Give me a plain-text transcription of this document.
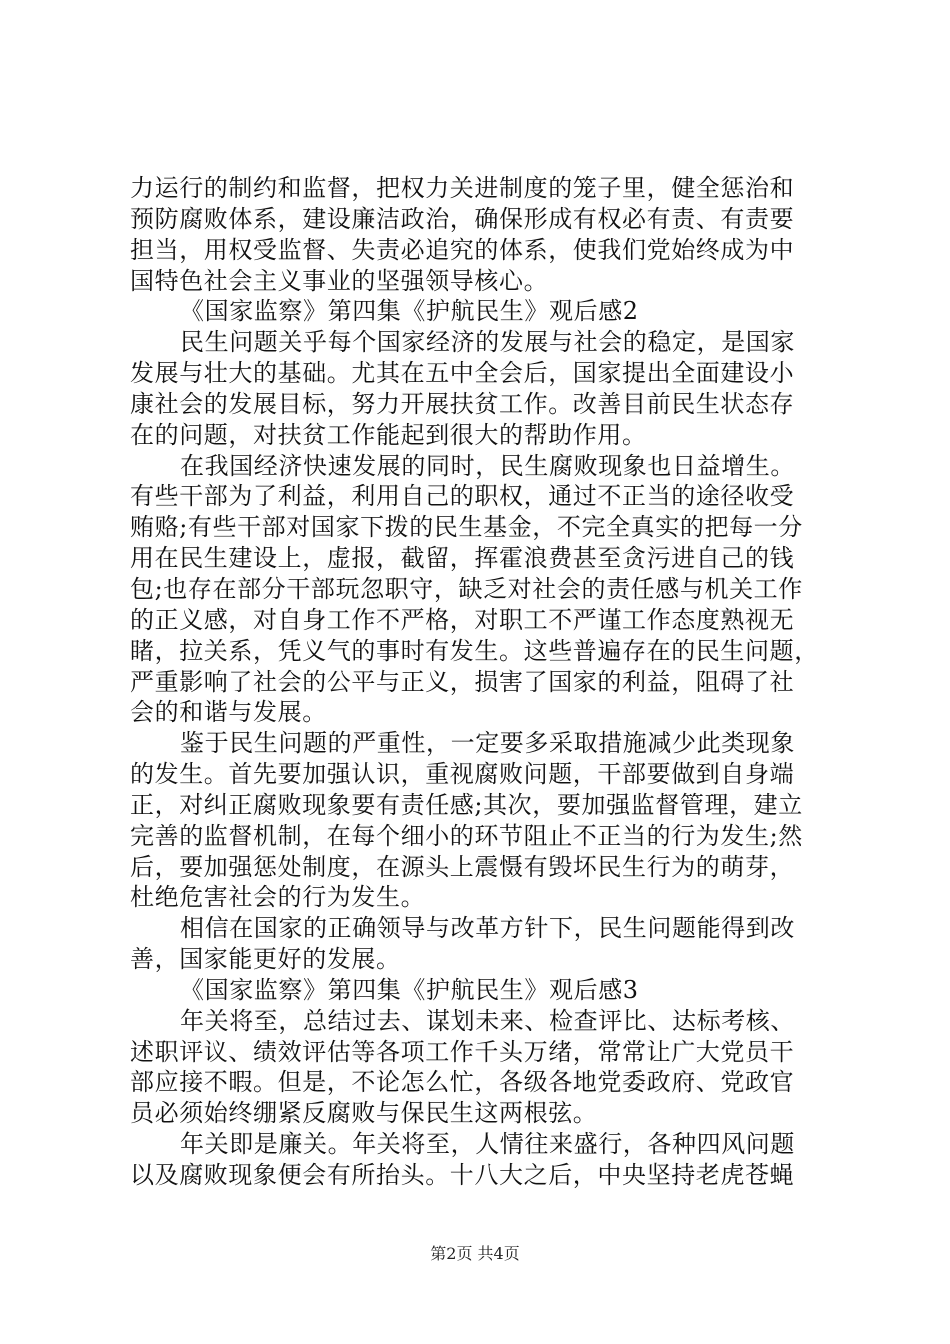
力运行的制约和监督，把权力关进制度的笼子里，健全惩治和
预防腐败体系，建设廉洁政治，确保形成有权必有责、有责要
担当，用权受监督、失责必追究的体系，使我们党始终成为中
国特色社会主义事业的坚强领导核心。
《国家监察》第四集《护航民生》观后感2
民生问题关乎每个国家经济的发展与社会的稳定，是国家
发展与壮大的基础。尤其在五中全会后，国家提出全面建设小
康社会的发展目标，努力开展扶贫工作。改善目前民生状态存
在的问题，对扶贫工作能起到很大的帮助作用。
在我国经济快速发展的同时，民生腐败现象也日益增生。
有些干部为了利益，利用自己的职权，通过不正当的途径收受
贿赂;有些干部对国家下拨的民生基金，不完全真实的把每一分
用在民生建设上，虚报，截留，挥霍浪费甚至贪污进自己的钱
包;也存在部分干部玩忽职守，缺乏对社会的责任感与机关工作
的正义感，对自身工作不严格，对职工不严谨工作态度熟视无
睹，拉关系，凭义气的事时有发生。这些普遍存在的民生问题，
严重影响了社会的公平与正义，损害了国家的利益，阻碍了社
会的和谐与发展。
鉴于民生问题的严重性，一定要多采取措施减少此类现象
的发生。首先要加强认识，重视腐败问题，干部要做到自身端
正，对纠正腐败现象要有责任感;其次，要加强监督管理，建立
完善的监督机制，在每个细小的环节阻止不正当的行为发生;然
后，要加强惩处制度，在源头上震慑有毁坏民生行为的萌芽，
杜绝危害社会的行为发生。
相信在国家的正确领导与改革方针下，民生问题能得到改
善，国家能更好的发展。
《国家监察》第四集《护航民生》观后感3
年关将至，总结过去、谋划未来、检查评比、达标考核、
述职评议、绩效评估等各项工作千头万绪，常常让广大党员干
部应接不暇。但是，不论怎么忙，各级各地党委政府、党政官
员必须始终绷紧反腐败与保民生这两根弦。
年关即是廉关。年关将至，人情往来盛行，各种四风问题
以及腐败现象便会有所抬头。十八大之后，中央坚持老虎苍蝇
第2页 共4页
